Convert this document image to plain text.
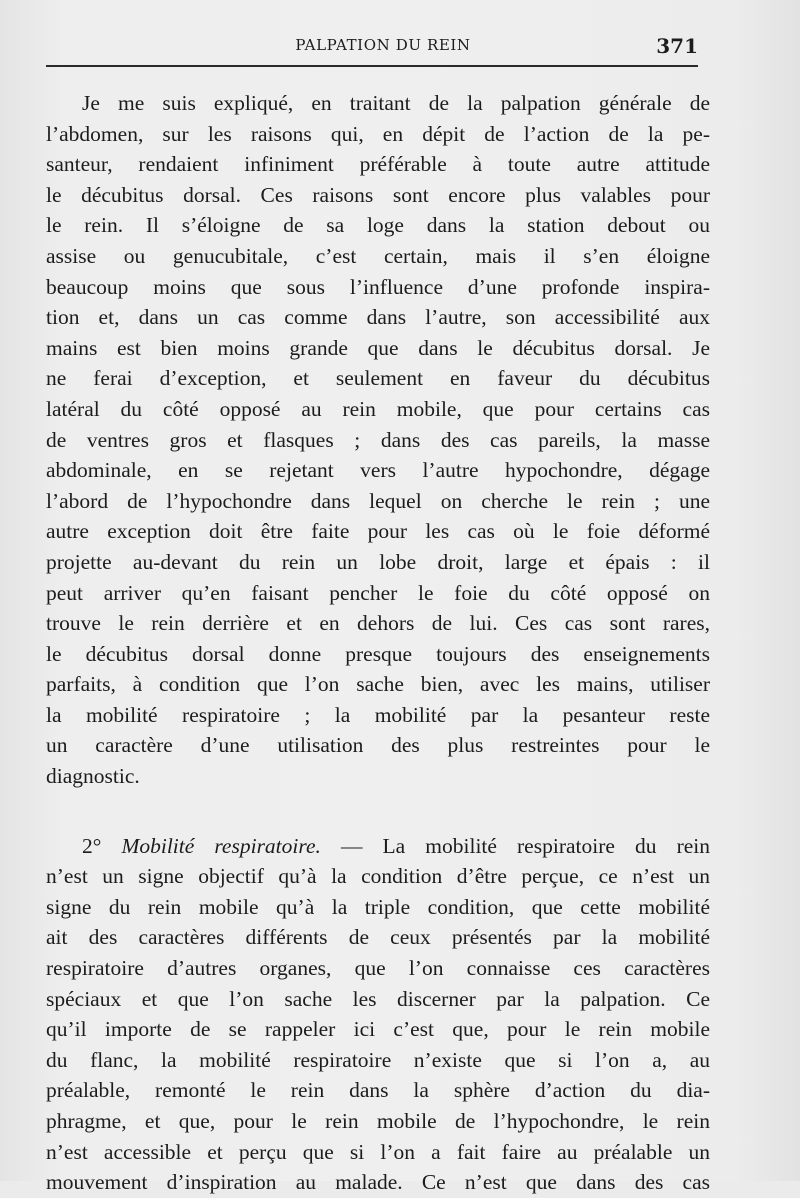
PALPATION DU REIN	371
Je me suis expliqué, en traitant de la palpation générale de
l’abdomen, sur les raisons qui, en dépit de l’action de la pe-
santeur, rendaient infiniment préférable à toute autre attitude
le décubitus dorsal. Ces raisons sont encore plus valables pour
le rein. Il s’éloigne de sa loge dans la station debout ou
assise ou genucubitale, c’est certain, mais il s’en éloigne
beaucoup moins que sous l’influence d’une profonde inspira-
tion et, dans un cas comme dans l’autre, son accessibilité aux
mains est bien moins grande que dans le décubitus dorsal. Je
ne ferai d’exception, et seulement en faveur du décubitus
latéral du côté opposé au rein mobile, que pour certains cas
de ventres gros et flasques ; dans des cas pareils, la masse
abdominale, en se rejetant vers l’autre hypochondre, dégage
l’abord de l’hypochondre dans lequel on cherche le rein ; une
autre exception doit être faite pour les cas où le foie déformé
projette au-devant du rein un lobe droit, large et épais : il
peut arriver qu’en faisant pencher le foie du côté opposé on
trouve le rein derrière et en dehors de lui. Ces cas sont rares,
le décubitus dorsal donne presque toujours des enseignements
parfaits, à condition que l’on sache bien, avec les mains, utiliser
la mobilité respiratoire ; la mobilité par la pesanteur reste
un caractère d’une utilisation des plus restreintes pour le
diagnostic.
2° Mobilité respiratoire. — La mobilité respiratoire du rein
n’est un signe objectif qu’à la condition d’être perçue, ce n’est un
signe du rein mobile qu’à la triple condition, que cette mobilité
ait des caractères différents de ceux présentés par la mobilité
respiratoire d’autres organes, que l’on connaisse ces caractères
spéciaux et que l’on sache les discerner par la palpation. Ce
qu’il importe de se rappeler ici c’est que, pour le rein mobile
du flanc, la mobilité respiratoire n’existe que si l’on a, au
préalable, remonté le rein dans la sphère d’action du dia-
phragme, et que, pour le rein mobile de l’hypochondre, le rein
n’est accessible et perçu que si l’on a fait faire au préalable un
mouvement d’inspiration au malade. Ce n’est que dans des cas
